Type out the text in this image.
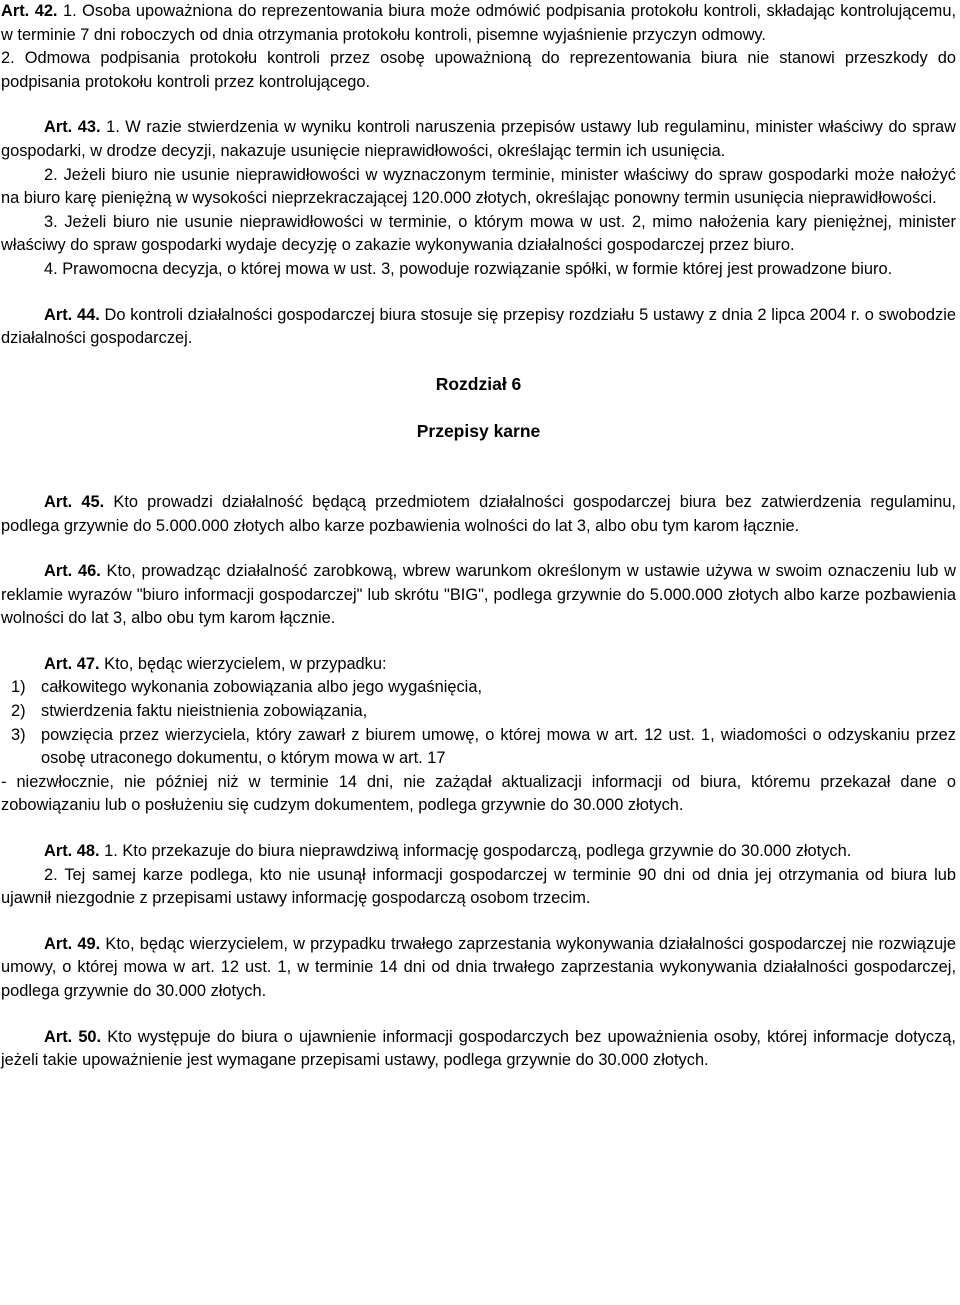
Art. 42. 1. Osoba upoważniona do reprezentowania biura może odmówić podpisania protokołu kontroli, składając kontrolującemu, w terminie 7 dni roboczych od dnia otrzymania protokołu kontroli, pisemne wyjaśnienie przyczyn odmowy.

2. Odmowa podpisania protokołu kontroli przez osobę upoważnioną do reprezentowania biura nie stanowi przeszkody do podpisania protokołu kontroli przez kontrolującego.

Art. 43. 1. W razie stwierdzenia w wyniku kontroli naruszenia przepisów ustawy lub regulaminu, minister właściwy do spraw gospodarki, w drodze decyzji, nakazuje usunięcie nieprawidłowości, określając termin ich usunięcia.

2. Jeżeli biuro nie usunie nieprawidłowości w wyznaczonym terminie, minister właściwy do spraw gospodarki może nałożyć na biuro karę pieniężną w wysokości nieprzekraczającej 120.000 złotych, określając ponowny termin usunięcia nieprawidłowości.

3. Jeżeli biuro nie usunie nieprawidłowości w terminie, o którym mowa w ust. 2, mimo nałożenia kary pieniężnej, minister właściwy do spraw gospodarki wydaje decyzję o zakazie wykonywania działalności gospodarczej przez biuro.

4. Prawomocna decyzja, o której mowa w ust. 3, powoduje rozwiązanie spółki, w formie której jest prowadzone biuro.

Art. 44. Do kontroli działalności gospodarczej biura stosuje się przepisy rozdziału 5 ustawy z dnia 2 lipca 2004 r. o swobodzie działalności gospodarczej.

Rozdział 6
Przepisy karne

Art. 45. Kto prowadzi działalność będącą przedmiotem działalności gospodarczej biura bez zatwierdzenia regulaminu, podlega grzywnie do 5.000.000 złotych albo karze pozbawienia wolności do lat 3, albo obu tym karom łącznie.

Art. 46. Kto, prowadząc działalność zarobkową, wbrew warunkom określonym w ustawie używa w swoim oznaczeniu lub w reklamie wyrazów "biuro informacji gospodarczej" lub skrótu "BIG", podlega grzywnie do 5.000.000 złotych albo karze pozbawienia wolności do lat 3, albo obu tym karom łącznie.

Art. 47. Kto, będąc wierzycielem, w przypadku:

1) całkowitego wykonania zobowiązania albo jego wygaśnięcia,
2) stwierdzenia faktu nieistnienia zobowiązania,
3) powzięcia przez wierzyciela, który zawarł z biurem umowę, o której mowa w art. 12 ust. 1, wiadomości o odzyskaniu przez osobę utraconego dokumentu, o którym mowa w art. 17

- niezwłocznie, nie później niż w terminie 14 dni, nie zażądał aktualizacji informacji od biura, któremu przekazał dane o zobowiązaniu lub o posłużeniu się cudzym dokumentem, podlega grzywnie do 30.000 złotych.

Art. 48. 1. Kto przekazuje do biura nieprawdziwą informację gospodarczą, podlega grzywnie do 30.000 złotych.

2. Tej samej karze podlega, kto nie usunął informacji gospodarczej w terminie 90 dni od dnia jej otrzymania od biura lub ujawnił niezgodnie z przepisami ustawy informację gospodarczą osobom trzecim.

Art. 49. Kto, będąc wierzycielem, w przypadku trwałego zaprzestania wykonywania działalności gospodarczej nie rozwiązuje umowy, o której mowa w art. 12 ust. 1, w terminie 14 dni od dnia trwałego zaprzestania wykonywania działalności gospodarczej, podlega grzywnie do 30.000 złotych.

Art. 50. Kto występuje do biura o ujawnienie informacji gospodarczych bez upoważnienia osoby, której informacje dotyczą, jeżeli takie upoważnienie jest wymagane przepisami ustawy, podlega grzywnie do 30.000 złotych.
